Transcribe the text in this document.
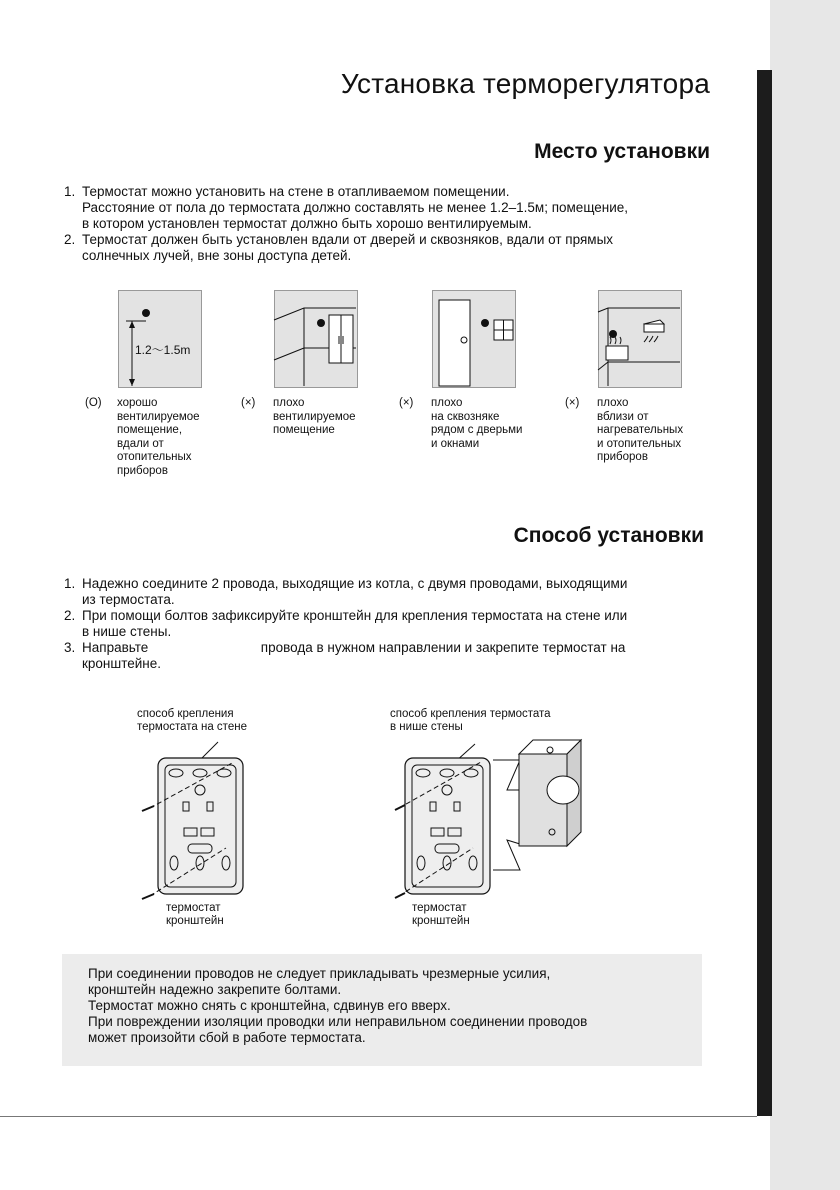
Установка терморегулятора
Место установки
1. Термостат можно установить на стене в отапливаемом помещении.
Расстояние от пола до термостата должно составлять не менее 1.2–1.5м; помещение,
в котором установлен термостат должно быть хорошо вентилируемым.
2. Термостат должен быть установлен вдали от дверей и сквозняков, вдали от прямых
солнечных лучей, вне зоны доступа детей.
1.2～1.5m
(O) хорошо
вентилируемое
помещение,
вдали от
отопительных
приборов
(×) плохо
вентилируемое
помещение
(×) плохо
на сквозняке
рядом с дверьми
и окнами
(×) плохо
вблизи от
нагревательных
и отопительных
приборов
Способ установки
1. Надежно соедините 2 провода, выходящие из котла, с двумя проводами, выходящими
из термостата.
2. При помощи болтов зафиксируйте кронштейн для крепления термостата на стене или
в нише стены.
3. Направьте                              провода в нужном направлении и закрепите термостат на
кронштейне.
способ крепления
термостата на стене
термостат
кронштейн
способ крепления термостата
в нише стены
термостат
кронштейн
При соединении проводов не следует прикладывать чрезмерные усилия,
кронштейн надежно закрепите болтами.
Термостат можно снять с кронштейна, сдвинув его вверх.
При повреждении изоляции проводки или неправильном соединении проводов
может произойти сбой в работе термостата.
